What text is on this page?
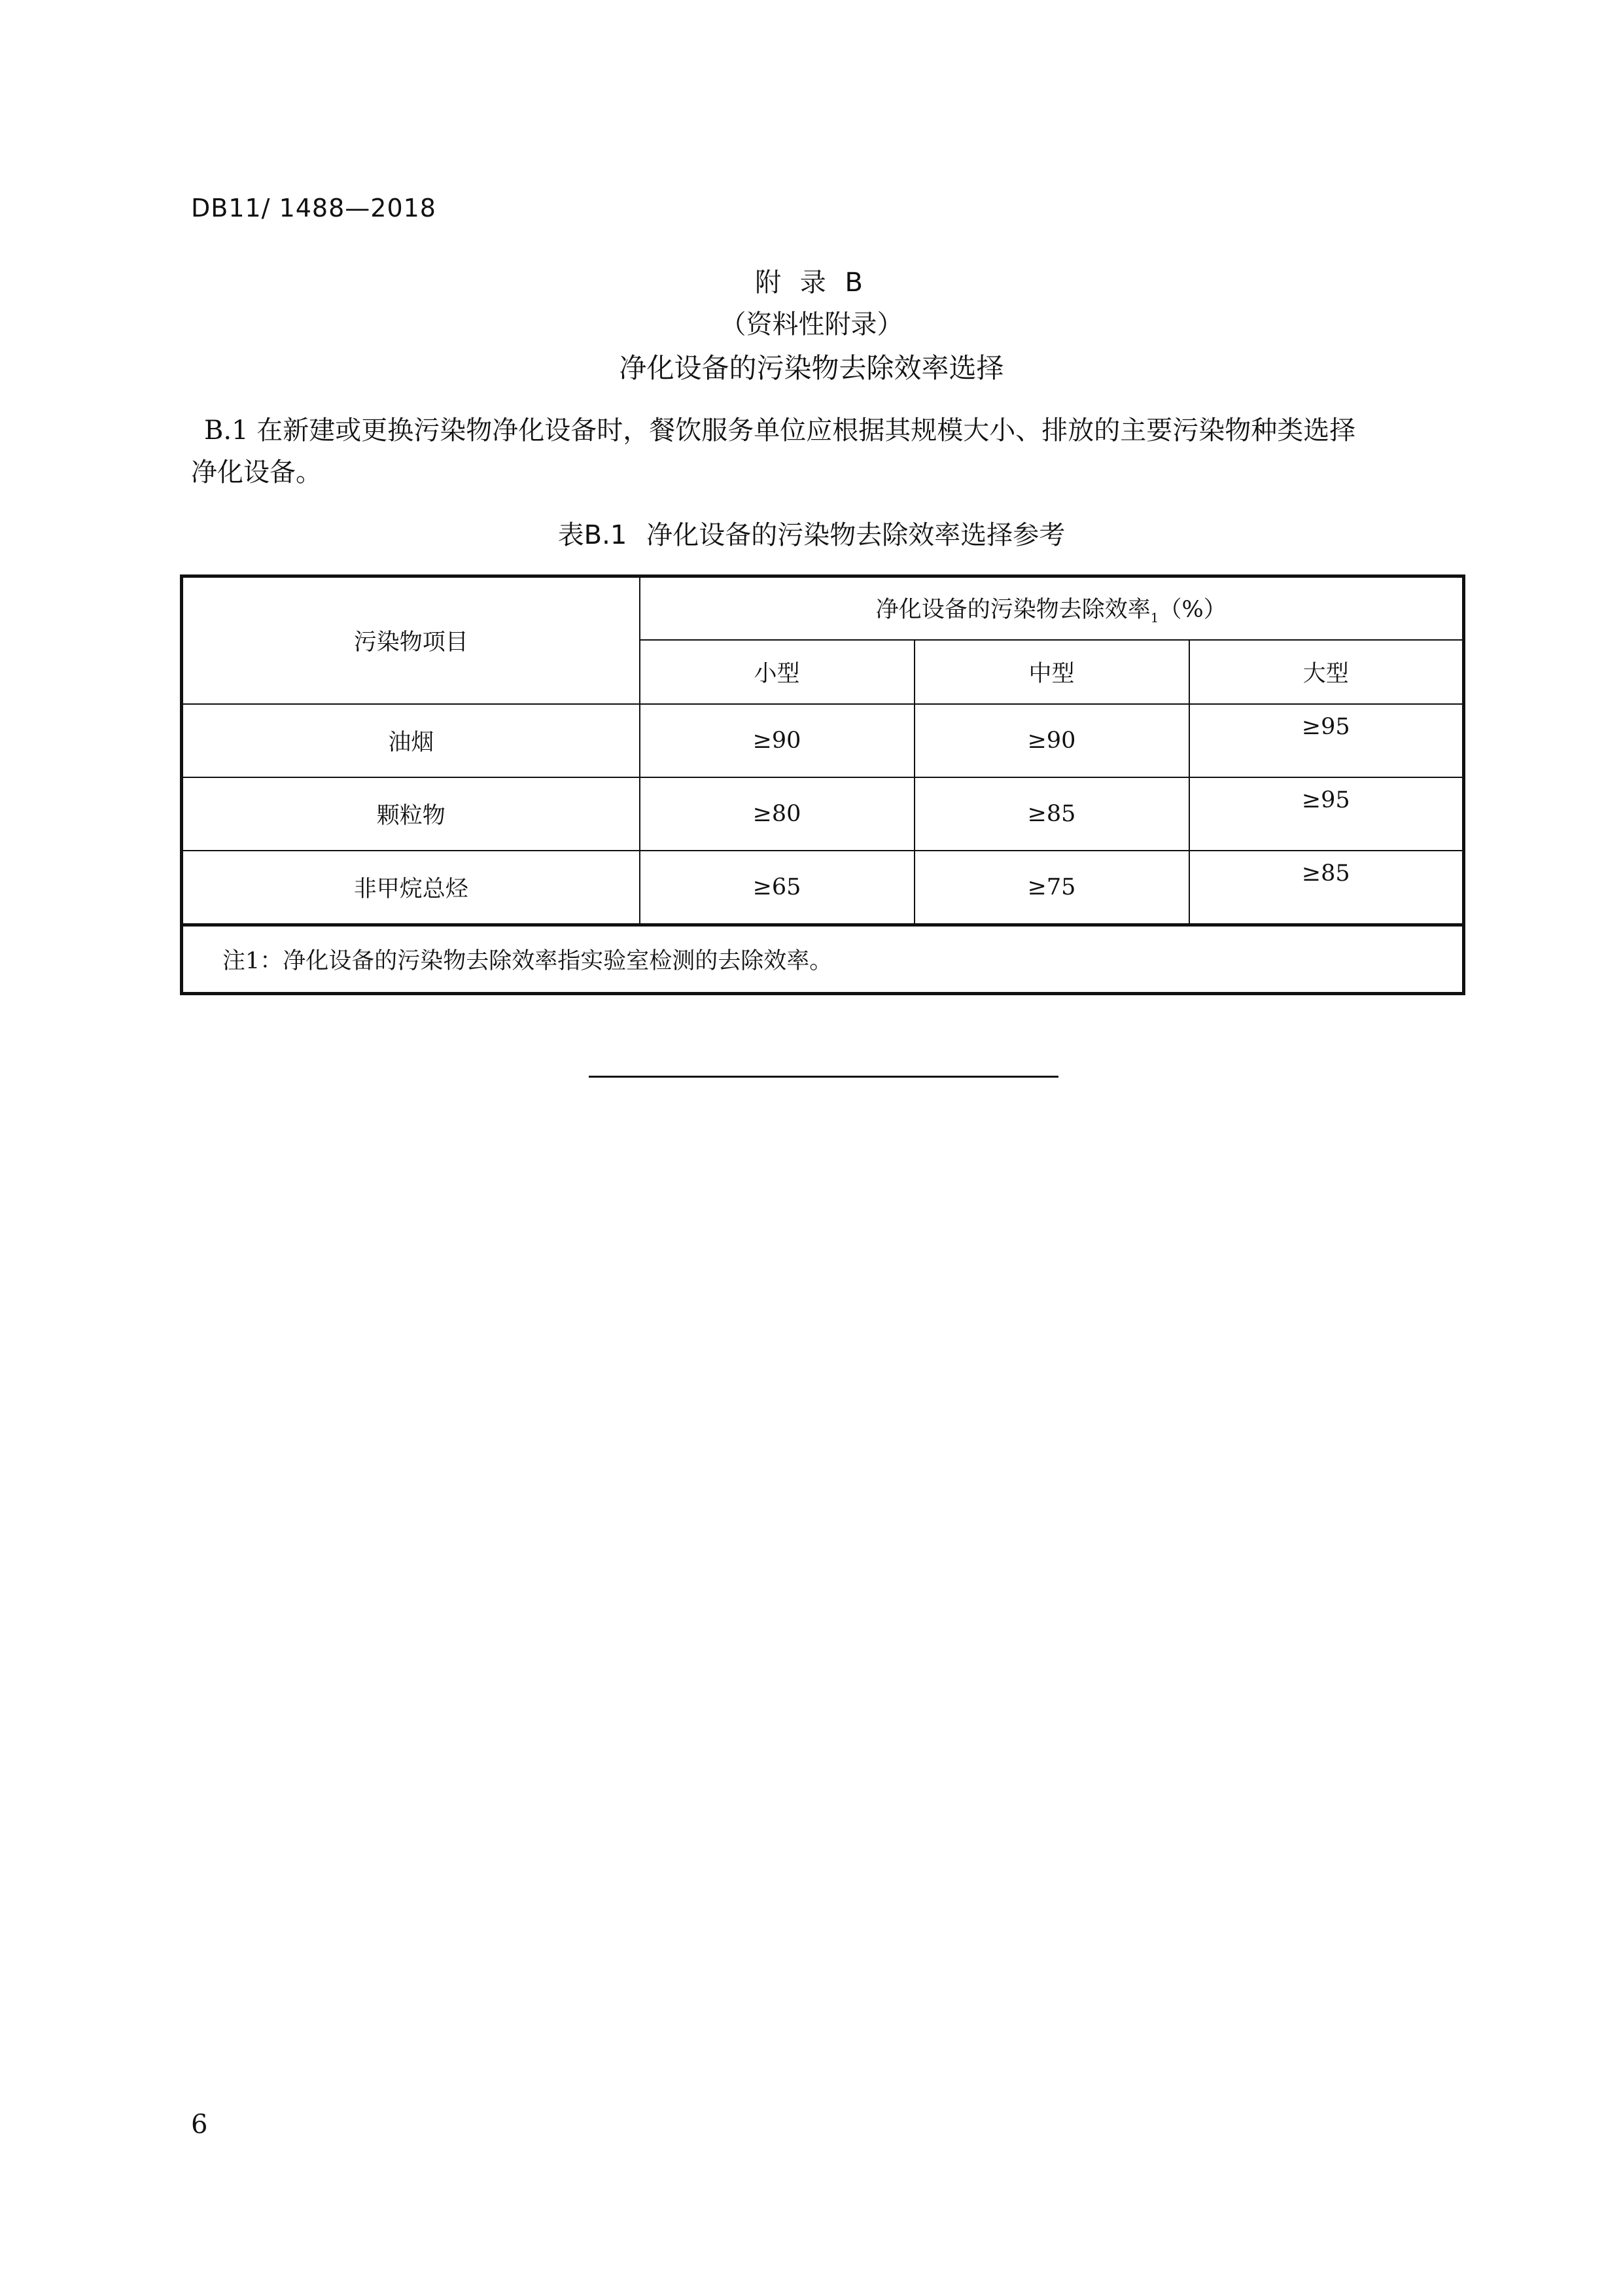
DB11/ 1488—2018
附 录 B
（资料性附录）
净化设备的污染物去除效率选择
B.1 在新建或更换污染物净化设备时，餐饮服务单位应根据其规模大小、排放的主要污染物种类选择
净化设备。
表B.1 净化设备的污染物去除效率选择参考
污染物项目	净化设备的污染物去除效率$_1$（%）		
	小型	中型	大型
油烟	≥90	≥90	≥95
颗粒物	≥80	≥85	≥95
非甲烷总烃	≥65	≥75	≥85
注1：净化设备的污染物去除效率指实验室检测的去除效率。			
6
